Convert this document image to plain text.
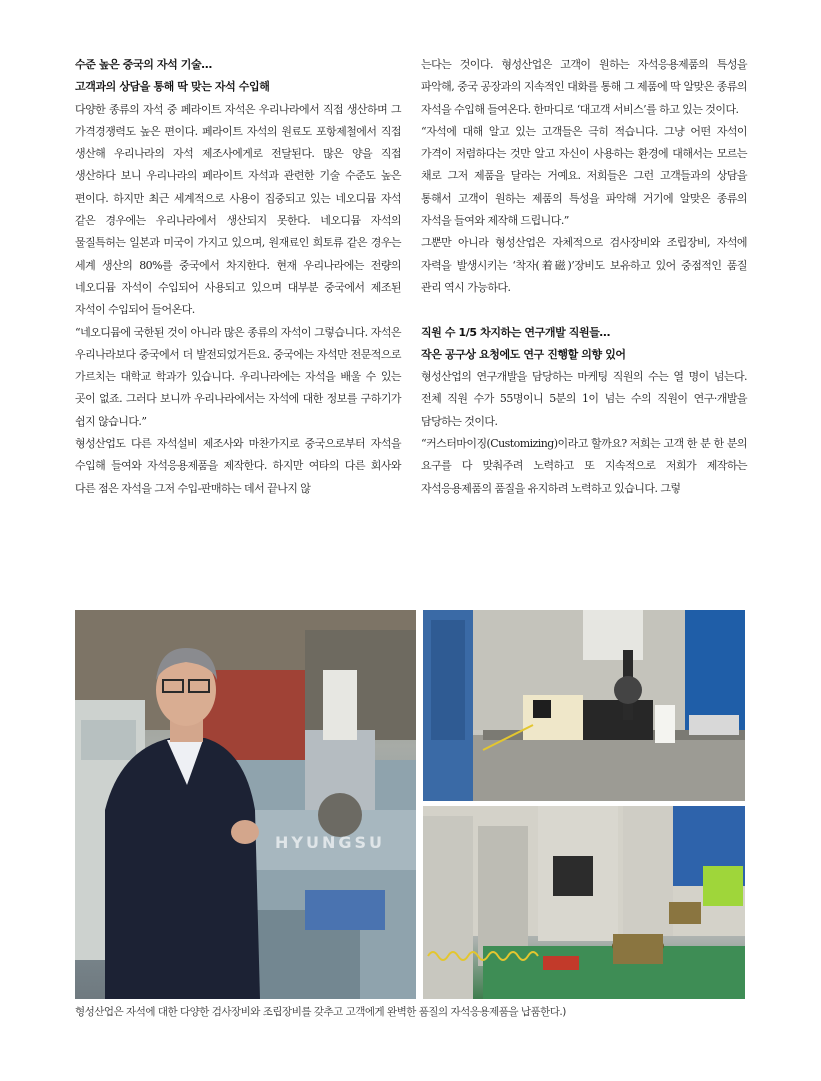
수준 높은 중국의 자석 기술…

고객과의 상담을 통해 딱 맞는 자석 수입해

다양한 종류의 자석 중 페라이트 자석은 우리나라에서 직접 생산하며 그 가격경쟁력도 높은 편이다. 페라이트 자석의 원료도 포항제철에서 직접 생산해 우리나라의 자석 제조사에게로 전달된다. 많은 양을 직접 생산하다 보니 우리나라의 페라이트 자석과 관련한 기술 수준도 높은 편이다. 하지만 최근 세계적으로 사용이 집중되고 있는 네오디뮴 자석 같은 경우에는 우리나라에서 생산되지 못한다. 네오디뮴 자석의 물질특허는 일본과 미국이 가지고 있으며, 원재료인 희토류 같은 경우는 세계 생산의 80%를 중국에서 차지한다. 현재 우리나라에는 전량의 네오디뮴 자석이 수입되어 사용되고 있으며 대부분 중국에서 제조된 자석이 수입되어 들어온다.

“네오디뮴에 국한된 것이 아니라 많은 종류의 자석이 그렇습니다. 자석은 우리나라보다 중국에서 더 발전되었거든요. 중국에는 자석만 전문적으로 가르치는 대학교 학과가 있습니다. 우리나라에는 자석을 배울 수 있는 곳이 없죠. 그러다 보니까 우리나라에서는 자석에 대한 정보를 구하기가 쉽지 않습니다.”

형성산업도 다른 자석설비 제조사와 마찬가지로 중국으로부터 자석을 수입해 들여와 자석응용제품을 제작한다. 하지만 여타의 다른 회사와 다른 점은 자석을 그저 수입-판매하는 데서 끝나지 않

는다는 것이다. 형성산업은 고객이 원하는 자석응용제품의 특성을 파악해, 중국 공장과의 지속적인 대화를 통해 그 제품에 딱 알맞은 종류의 자석을 수입해 들여온다. 한마디로 ‘대고객 서비스’를 하고 있는 것이다.

“자석에 대해 알고 있는 고객들은 극히 적습니다. 그냥 어떤 자석이 가격이 저렴하다는 것만 알고 자신이 사용하는 환경에 대해서는 모르는 채로 그저 제품을 달라는 거예요. 저희들은 그런 고객들과의 상담을 통해서 고객이 원하는 제품의 특성을 파악해 거기에 알맞은 종류의 자석을 들여와 제작해 드립니다.”

그뿐만 아니라 형성산업은 자체적으로 검사장비와 조립장비, 자석에 자력을 발생시키는 ‘착자(着磁)’장비도 보유하고 있어 중점적인 품질 관리 역시 가능하다.

직원 수 1/5 차지하는 연구개발 직원들…

작은 공구상 요청에도 연구 진행할 의향 있어

형성산업의 연구개발을 담당하는 마케팅 직원의 수는 열 명이 넘는다. 전체 직원 수가 55명이니 5분의 1이 넘는 수의 직원이 연구·개발을 담당하는 것이다.

“커스터마이징(Customizing)이라고 할까요? 저희는 고객 한 분 한 분의 요구를 다 맞춰주려 노력하고 또 지속적으로 저희가 제작하는 자석응용제품의 품질을 유지하려 노력하고 있습니다. 그렇

HYUNGSU
형성산업은 자석에 대한 다양한 검사장비와 조립장비를 갖추고 고객에게 완벽한 품질의 자석응용제품을 납품한다.)
